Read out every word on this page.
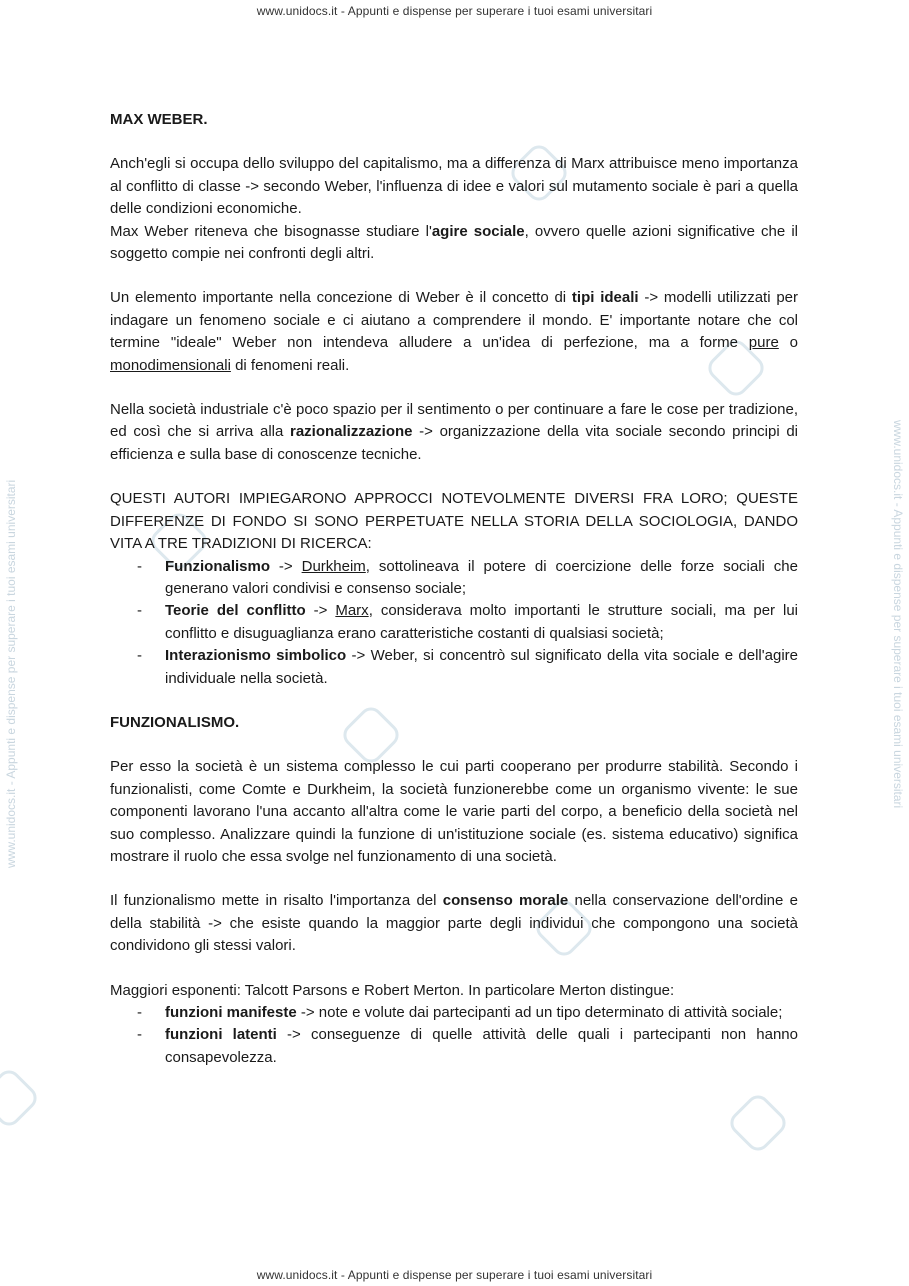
www.unidocs.it - Appunti e dispense per superare i tuoi esami universitari
www.unidocs.it - Appunti e dispense per superare i tuoi esami universitari
www.unidocs.it - Appunti e dispense per superare i tuoi esami universitari	www.unidocs.it - Appunti e dispense per superare i tuoi esami universitari
MAX WEBER.

Anch'egli si occupa dello sviluppo del capitalismo, ma a differenza di Marx attribuisce meno importanza al conflitto di classe -> secondo Weber, l'influenza di idee e valori sul mutamento sociale è pari a quella delle condizioni economiche.

Max Weber riteneva che bisognasse studiare l'agire sociale, ovvero quelle azioni significative che il soggetto compie nei confronti degli altri.

Un elemento importante nella concezione di Weber è il concetto di tipi ideali -> modelli utilizzati per indagare un fenomeno sociale e ci aiutano a comprendere il mondo. E' importante notare che col termine "ideale" Weber non intendeva alludere a un'idea di perfezione, ma a forme pure o monodimensionali di fenomeni reali.

Nella società industriale c'è poco spazio per il sentimento o per continuare a fare le cose per tradizione, ed così che si arriva alla razionalizzazione -> organizzazione della vita sociale secondo principi di efficienza e sulla base di conoscenze tecniche.

QUESTI AUTORI IMPIEGARONO APPROCCI NOTEVOLMENTE DIVERSI FRA LORO; QUESTE DIFFERENZE DI FONDO SI SONO PERPETUATE NELLA STORIA DELLA SOCIOLOGIA, DANDO VITA A TRE TRADIZIONI DI RICERCA:

- Funzionalismo -> Durkheim, sottolineava il potere di coercizione delle forze sociali che generano valori condivisi e consenso sociale;
- Teorie del conflitto -> Marx, considerava molto importanti le strutture sociali, ma per lui conflitto e disuguaglianza erano caratteristiche costanti di qualsiasi società;
- Interazionismo simbolico -> Weber, si concentrò sul significato della vita sociale e dell'agire individuale nella società.
FUNZIONALISMO.

Per esso la società è un sistema complesso le cui parti cooperano per produrre stabilità. Secondo i funzionalisti, come Comte e Durkheim, la società funzionerebbe come un organismo vivente: le sue componenti lavorano l'una accanto all'altra come le varie parti del corpo, a beneficio della società nel suo complesso. Analizzare quindi la funzione di un'istituzione sociale (es. sistema educativo) significa mostrare il ruolo che essa svolge nel funzionamento di una società.

Il funzionalismo mette in risalto l'importanza del consenso morale nella conservazione dell'ordine e della stabilità -> che esiste quando la maggior parte degli individui che compongono una società condividono gli stessi valori.

Maggiori esponenti: Talcott Parsons e Robert Merton. In particolare Merton distingue:

- funzioni manifeste -> note e volute dai partecipanti ad un tipo determinato di attività sociale;
- funzioni latenti -> conseguenze di quelle attività delle quali i partecipanti non hanno consapevolezza.
